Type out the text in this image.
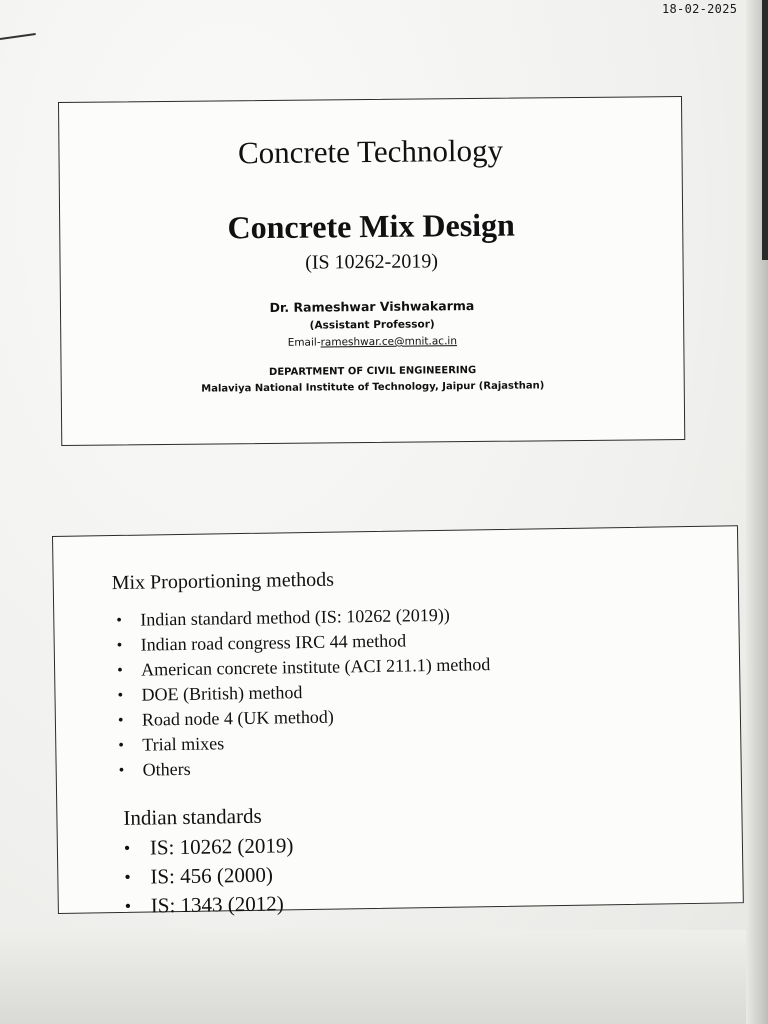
18-02-2025
Concrete Technology
Concrete Mix Design
(IS 10262-2019)
Dr. Rameshwar Vishwakarma
(Assistant Professor)
Email-rameshwar.ce@mnit.ac.in
DEPARTMENT OF CIVIL ENGINEERING
Malaviya National Institute of Technology, Jaipur (Rajasthan)
Mix Proportioning methods
•	Indian standard method (IS: 10262 (2019))
•	Indian road congress IRC 44 method
•	American concrete institute (ACI 211.1) method
•	DOE (British) method
•	Road node 4 (UK method)
•	Trial mixes
•	Others
Indian standards
• IS: 10262 (2019)
• IS: 456 (2000)
• IS: 1343 (2012)
